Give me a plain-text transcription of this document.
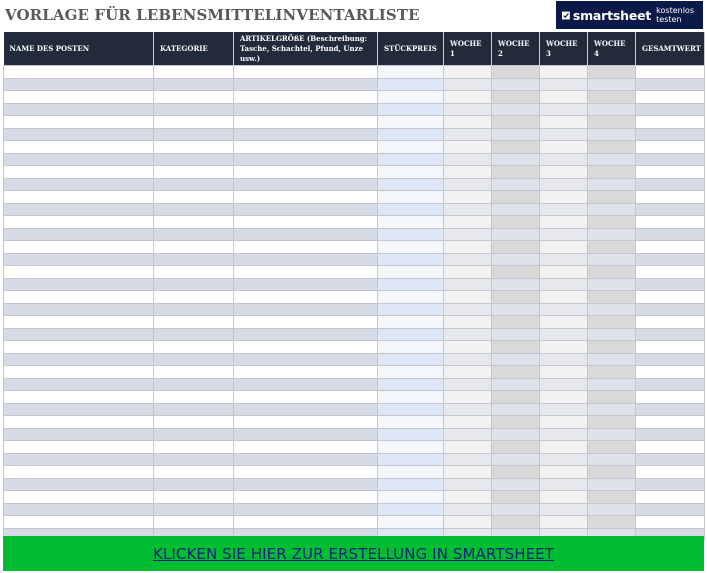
VORLAGE FÜR LEBENSMITTELINVENTARLISTE	smartsheet kostenlos testen
NAME DES POSTEN	KATEGORIE	ARTIKELGRÖßE (Beschreibung: Tasche, Schachtel, Pfund, Unze usw.)	STÜCKPREIS	WOCHE 1	WOCHE 2	WOCHE 3	WOCHE 4	GESAMTWERT

KLICKEN SIE HIER ZUR ERSTELLUNG IN SMARTSHEET
